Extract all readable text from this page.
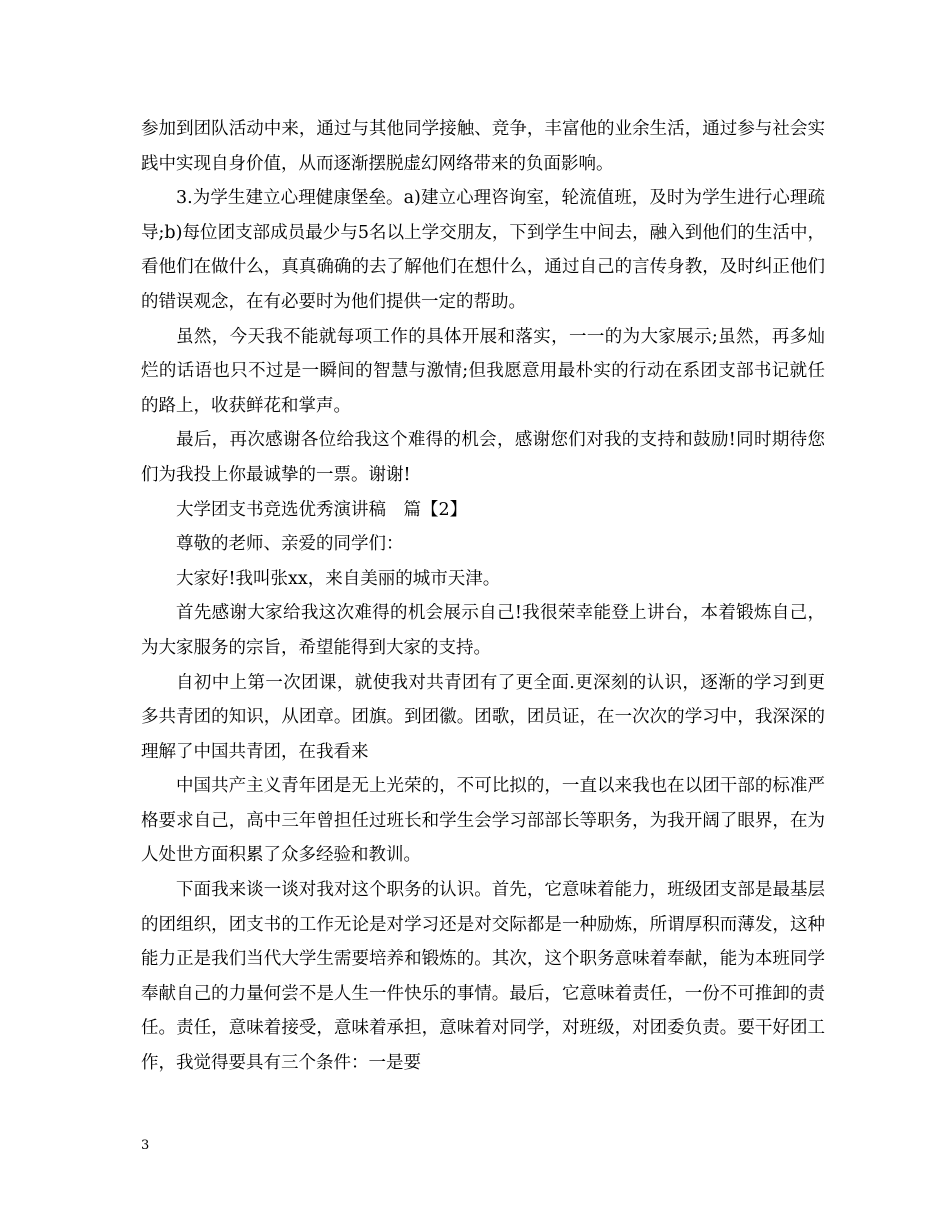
参加到团队活动中来，通过与其他同学接触、竞争，丰富他的业余生活，通过参与社会实践中实现自身价值，从而逐渐摆脱虚幻网络带来的负面影响。

3.为学生建立心理健康堡垒。a)建立心理咨询室，轮流值班，及时为学生进行心理疏导;b)每位团支部成员最少与5名以上学交朋友，下到学生中间去，融入到他们的生活中，看他们在做什么，真真确确的去了解他们在想什么，通过自己的言传身教，及时纠正他们的错误观念，在有必要时为他们提供一定的帮助。

虽然，今天我不能就每项工作的具体开展和落实，一一的为大家展示;虽然，再多灿烂的话语也只不过是一瞬间的智慧与激情;但我愿意用最朴实的行动在系团支部书记就任的路上，收获鲜花和掌声。

最后，再次感谢各位给我这个难得的机会，感谢您们对我的支持和鼓励!同时期待您们为我投上你最诚挚的一票。谢谢!

大学团支书竞选优秀演讲稿　篇【2】

尊敬的老师、亲爱的同学们：

大家好!我叫张xx，来自美丽的城市天津。

首先感谢大家给我这次难得的机会展示自己!我很荣幸能登上讲台，本着锻炼自己，为大家服务的宗旨，希望能得到大家的支持。

自初中上第一次团课，就使我对共青团有了更全面.更深刻的认识，逐渐的学习到更多共青团的知识，从团章。团旗。到团徽。团歌，团员证，在一次次的学习中，我深深的理解了中国共青团，在我看来

中国共产主义青年团是无上光荣的，不可比拟的，一直以来我也在以团干部的标准严格要求自己，高中三年曾担任过班长和学生会学习部部长等职务，为我开阔了眼界，在为人处世方面积累了众多经验和教训。

下面我来谈一谈对我对这个职务的认识。首先，它意味着能力，班级团支部是最基层的团组织，团支书的工作无论是对学习还是对交际都是一种励炼，所谓厚积而薄发，这种能力正是我们当代大学生需要培养和锻炼的。其次，这个职务意味着奉献，能为本班同学奉献自己的力量何尝不是人生一件快乐的事情。最后，它意味着责任，一份不可推卸的责任。责任，意味着接受，意味着承担，意味着对同学，对班级，对团委负责。要干好团工作，我觉得要具有三个条件：一是要

3
